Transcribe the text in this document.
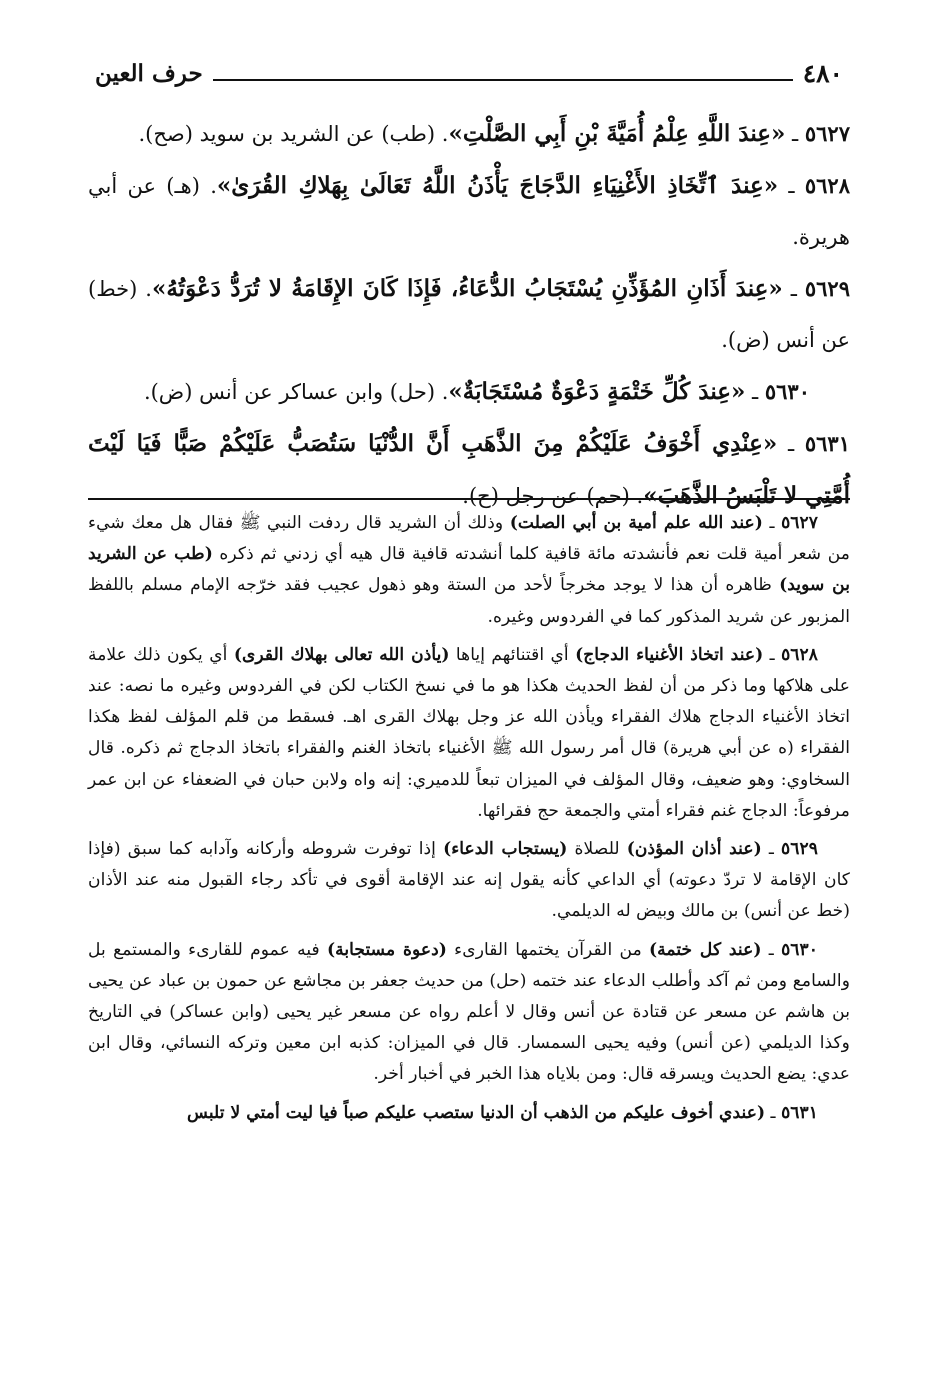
٤٨٠
حرف العين

٥٦٢٧ ـ «عِندَ اللَّهِ عِلْمُ أُمَيَّةَ بْنِ أَبِي الصَّلْتِ». (طب) عن الشريد بن سويد (صح).

٥٦٢٨ ـ «عِندَ ٱتِّخَاذِ الأَغْنِيَاءِ الدَّجَاجَ يَأْذَنُ اللَّهُ تَعَالَىٰ بِهَلاكِ القُرَىٰ». (هـ) عن أبي هريرة.

٥٦٢٩ ـ «عِندَ أَذَانِ المُؤَذِّنِ يُسْتَجَابُ الدُّعَاءُ، فَإِذَا كَانَ الإِقَامَةُ لا تُرَدُّ دَعْوَتُهُ». (خط) عن أنس (ض).

٥٦٣٠ ـ «عِندَ كُلِّ خَتْمَةٍ دَعْوَةٌ مُسْتَجَابَةٌ». (حل) وابن عساكر عن أنس (ض).

٥٦٣١ ـ «عِنْدِي أَخْوَفُ عَلَيْكُمْ مِنَ الذَّهَبِ أَنَّ الدُّنْيَا سَتُصَبُّ عَلَيْكُمْ صَبًّا فَيَا لَيْتَ أُمَّتِي لا تَلْبَسُ الذَّهَبَ». (حم) عن رجل (ح).

٥٦٢٧ ـ (عند الله علم أمية بن أبي الصلت) وذلك أن الشريد قال ردفت النبي ﷺ فقال هل معك شيء من شعر أمية قلت نعم فأنشدته مائة قافية كلما أنشدته قافية قال هيه أي زدني ثم ذكره (طب عن الشريد بن سويد) ظاهره أن هذا لا يوجد مخرجاً لأحد من الستة وهو ذهول عجيب فقد خرّجه الإمام مسلم باللفظ المزبور عن شريد المذكور كما في الفردوس وغيره.

٥٦٢٨ ـ (عند اتخاذ الأغنياء الدجاج) أي اقتنائهم إياها (يأذن الله تعالى بهلاك القرى) أي يكون ذلك علامة على هلاكها وما ذكر من أن لفظ الحديث هكذا هو ما في نسخ الكتاب لكن في الفردوس وغيره ما نصه: عند اتخاذ الأغنياء الدجاج هلاك الفقراء ويأذن الله عز وجل بهلاك القرى اهـ. فسقط من قلم المؤلف لفظ هكذا الفقراء (ه عن أبي هريرة) قال أمر رسول الله ﷺ الأغنياء باتخاذ الغنم والفقراء باتخاذ الدجاج ثم ذكره. قال السخاوي: وهو ضعيف، وقال المؤلف في الميزان تبعاً للدميري: إنه واه ولابن حبان في الضعفاء عن ابن عمر مرفوعاً: الدجاج غنم فقراء أمتي والجمعة حج فقرائها.

٥٦٢٩ ـ (عند أذان المؤذن) للصلاة (يستجاب الدعاء) إذا توفرت شروطه وأركانه وآدابه كما سبق (فإذا كان الإقامة لا تردّ دعوته) أي الداعي كأنه يقول إنه عند الإقامة أقوى في تأكد رجاء القبول منه عند الأذان (خط عن أنس) بن مالك وبيض له الديلمي.

٥٦٣٠ ـ (عند كل ختمة) من القرآن يختمها القارىء (دعوة مستجابة) فيه عموم للقارىء والمستمع بل والسامع ومن ثم آكد وأطلب الدعاء عند ختمه (حل) من حديث جعفر بن مجاشع عن حمون بن عباد عن يحيى بن هاشم عن مسعر عن قتادة عن أنس وقال لا أعلم رواه عن مسعر غير يحيى (وابن عساكر) في التاريخ وكذا الديلمي (عن أنس) وفيه يحيى السمسار. قال في الميزان: كذبه ابن معين وتركه النسائي، وقال ابن عدي: يضع الحديث ويسرقه قال: ومن بلاياه هذا الخبر في أخبار أخر.

٥٦٣١ ـ (عندي أخوف عليكم من الذهب أن الدنيا ستصب عليكم صباً فيا ليت أمتي لا تلبس
